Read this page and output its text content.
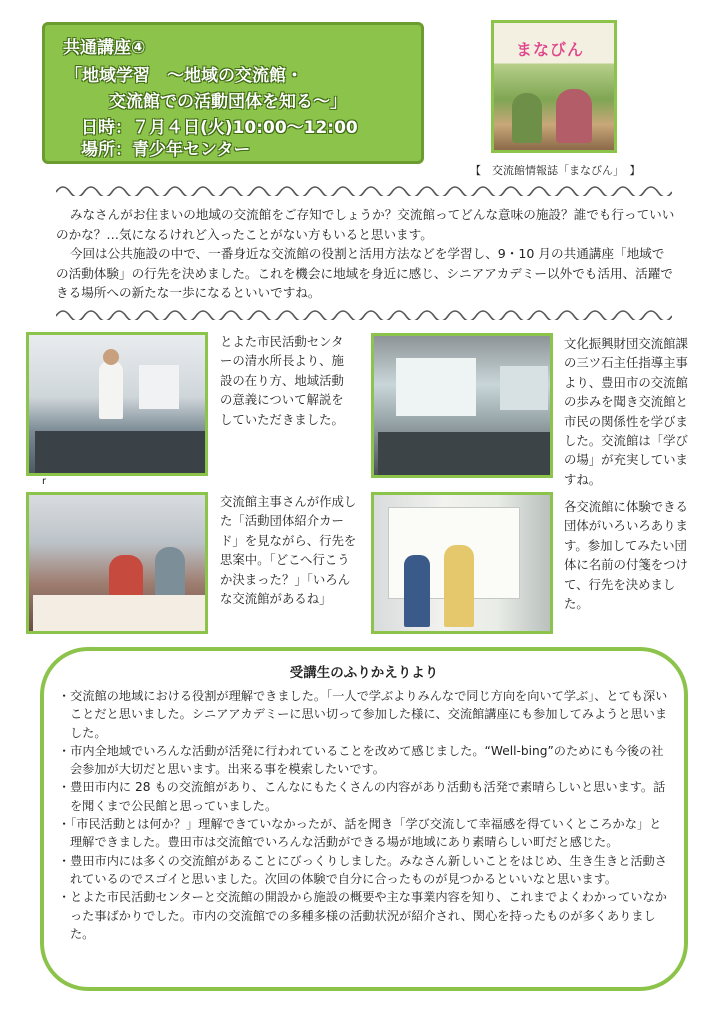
共通講座④
「地域学習　～地域の交流館・
交流館での活動団体を知る～」
日時：７月４日(火)10:00～12:00
場所：青少年センター
まなびん
【　交流館情報誌「まなびん」　】

みなさんがお住まいの地域の交流館をご存知でしょうか？交流館ってどんな意味の施設？誰でも行っていいのかな？…気になるけれど入ったことがない方もいると思います。

今回は公共施設の中で、一番身近な交流館の役割と活用方法などを学習し、9・10 月の共通講座「地域での活動体験」の行先を決めました。これを機会に地域を身近に感じ、シニアアカデミー以外でも活用、活躍できる場所への新たな一歩になるといいですね。

とよた市民活動センターの清水所長より、施設の在り方、地域活動の意義について解説をしていただきました。
r
文化振興財団交流館課の三ツ石主任指導主事より、豊田市の交流館の歩みを聞き交流館と市民の関係性を学びました。交流館は「学びの場」が充実していますね。
交流館主事さんが作成した「活動団体紹介カード」を見ながら、行先を思案中。「どこへ行こうか決まった？」「いろんな交流館があるね」
各交流館に体験できる団体がいろいろあります。参加してみたい団体に名前の付箋をつけて、行先を決めました。
受講生のふりかえりより
・交流館の地域における役割が理解できました。「一人で学ぶよりみんなで同じ方向を向いて学ぶ」、とても深いことだと思いました。シニアアカデミーに思い切って参加した様に、交流館講座にも参加してみようと思いました。
・市内全地域でいろんな活動が活発に行われていることを改めて感じました。“Well-bing”のためにも今後の社会参加が大切だと思います。出来る事を模索したいです。
・豊田市内に 28 もの交流館があり、こんなにもたくさんの内容があり活動も活発で素晴らしいと思います。話を聞くまで公民館と思っていました。
・「市民活動とは何か？」理解できていなかったが、話を聞き「学び交流して幸福感を得ていくところかな」と理解できました。豊田市は交流館でいろんな活動ができる場が地域にあり素晴らしい町だと感じた。
・豊田市内には多くの交流館があることにびっくりしました。みなさん新しいことをはじめ、生き生きと活動されているのでスゴイと思いました。次回の体験で自分に合ったものが見つかるといいなと思います。
・とよた市民活動センターと交流館の開設から施設の概要や主な事業内容を知り、これまでよくわかっていなかった事ばかりでした。市内の交流館での多種多様の活動状況が紹介され、関心を持ったものが多くありました。
